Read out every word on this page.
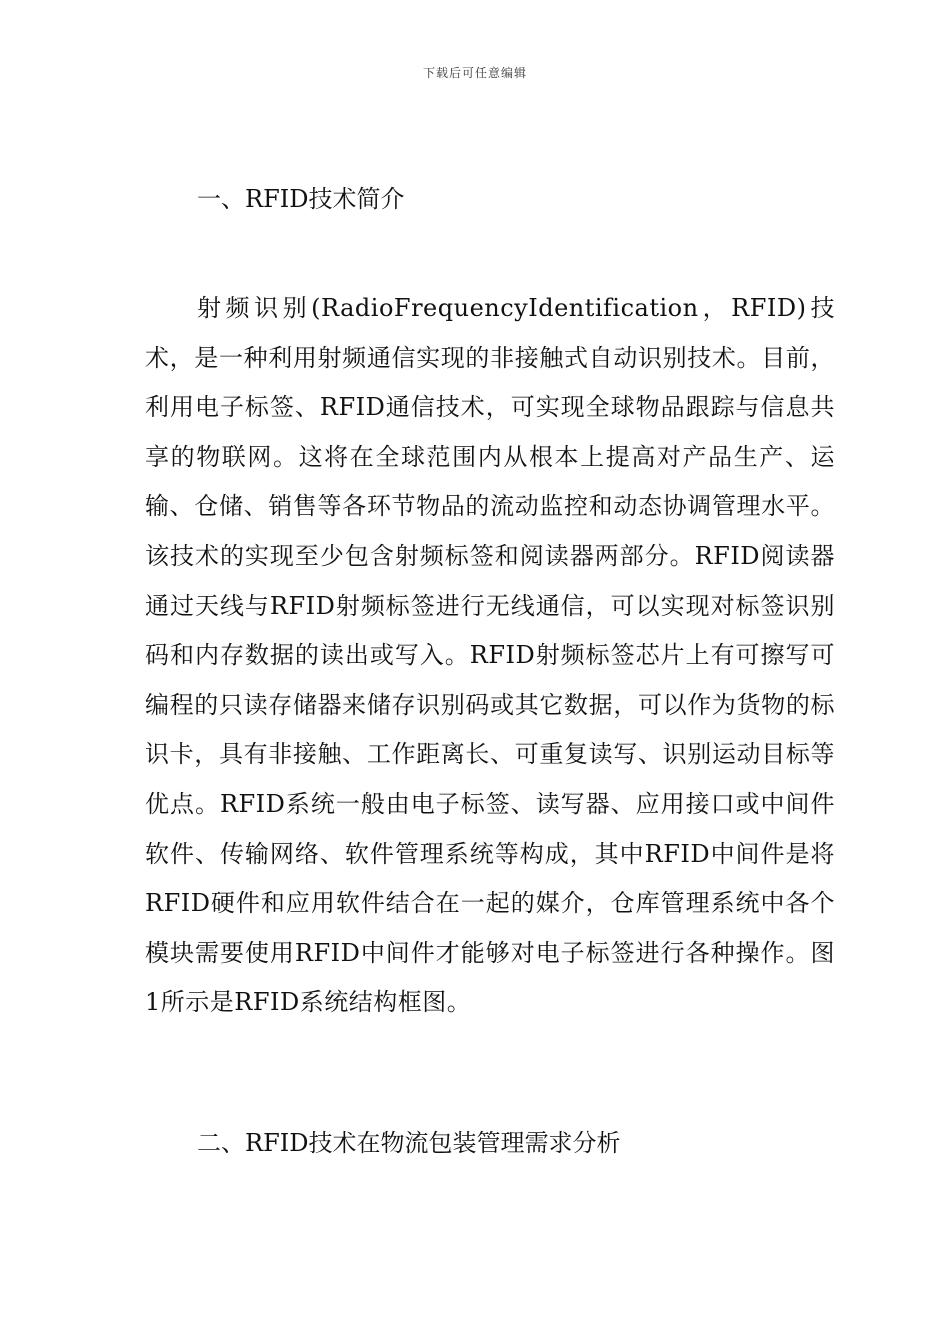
下载后可任意编辑
一、RFID技术简介

射频识别(RadioFrequencyIdentification，RFID)技术，是一种利用射频通信实现的非接触式自动识别技术。目前，利用电子标签、RFID通信技术，可实现全球物品跟踪与信息共享的物联网。这将在全球范围内从根本上提高对产品生产、运输、仓储、销售等各环节物品的流动监控和动态协调管理水平。该技术的实现至少包含射频标签和阅读器两部分。RFID阅读器通过天线与RFID射频标签进行无线通信，可以实现对标签识别码和内存数据的读出或写入。RFID射频标签芯片上有可擦写可编程的只读存储器来储存识别码或其它数据，可以作为货物的标识卡，具有非接触、工作距离长、可重复读写、识别运动目标等优点。RFID系统一般由电子标签、读写器、应用接口或中间件软件、传输网络、软件管理系统等构成，其中RFID中间件是将RFID硬件和应用软件结合在一起的媒介，仓库管理系统中各个模块需要使用RFID中间件才能够对电子标签进行各种操作。图1所示是RFID系统结构框图。

二、RFID技术在物流包装管理需求分析
